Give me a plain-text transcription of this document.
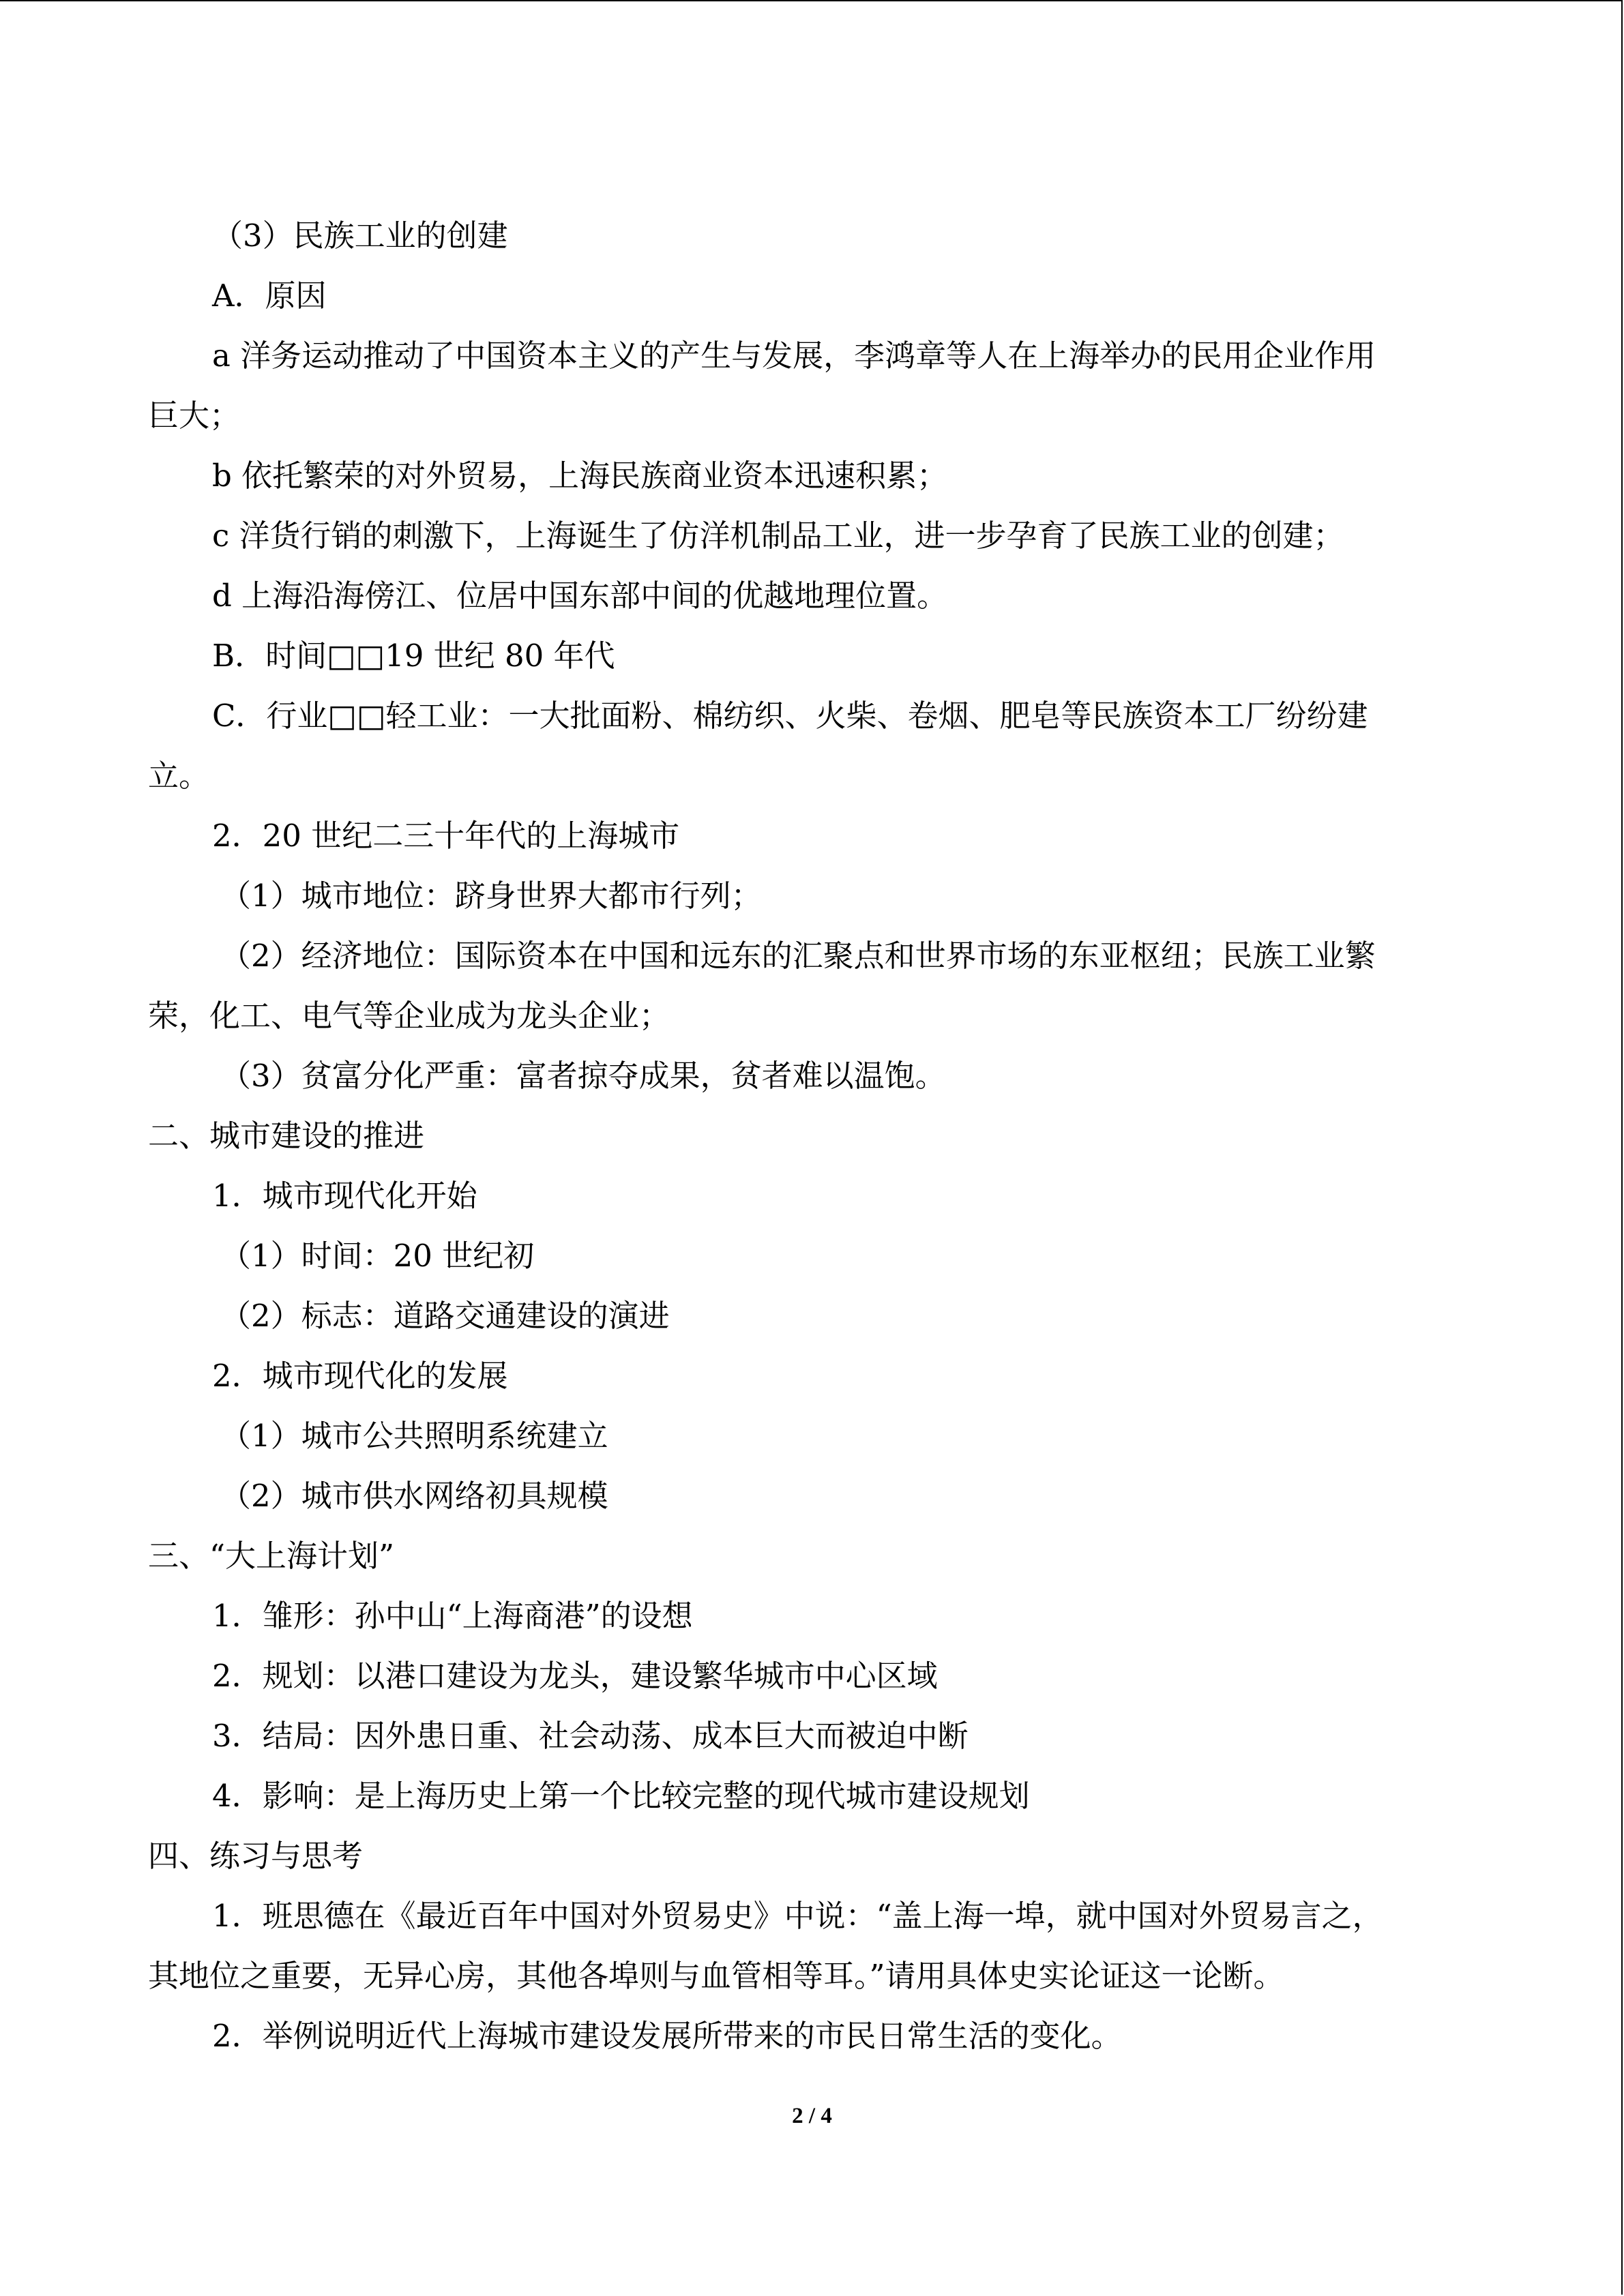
（3）民族工业的创建
A．原因
a 洋务运动推动了中国资本主义的产生与发展，李鸿章等人在上海举办的民用企业作用
巨大；
b 依托繁荣的对外贸易，上海民族商业资本迅速积累；
c 洋货行销的刺激下，上海诞生了仿洋机制品工业，进一步孕育了民族工业的创建；
d 上海沿海傍江、位居中国东部中间的优越地理位置。
B．时间□□19 世纪 80 年代
C．行业□□轻工业：一大批面粉、棉纺织、火柴、卷烟、肥皂等民族资本工厂纷纷建
立。
2．20 世纪二三十年代的上海城市
（1）城市地位：跻身世界大都市行列；
（2）经济地位：国际资本在中国和远东的汇聚点和世界市场的东亚枢纽；民族工业繁
荣，化工、电气等企业成为龙头企业；
（3）贫富分化严重：富者掠夺成果，贫者难以温饱。
二、城市建设的推进
1．城市现代化开始
（1）时间：20 世纪初
（2）标志：道路交通建设的演进
2．城市现代化的发展
（1）城市公共照明系统建立
（2）城市供水网络初具规模
三、“大上海计划”
1．雏形：孙中山“上海商港”的设想
2．规划：以港口建设为龙头，建设繁华城市中心区域
3．结局：因外患日重、社会动荡、成本巨大而被迫中断
4．影响：是上海历史上第一个比较完整的现代城市建设规划
四、练习与思考
1．班思德在《最近百年中国对外贸易史》中说：“盖上海一埠，就中国对外贸易言之，
其地位之重要，无异心房，其他各埠则与血管相等耳。”请用具体史实论证这一论断。
2．举例说明近代上海城市建设发展所带来的市民日常生活的变化。
2 / 4
